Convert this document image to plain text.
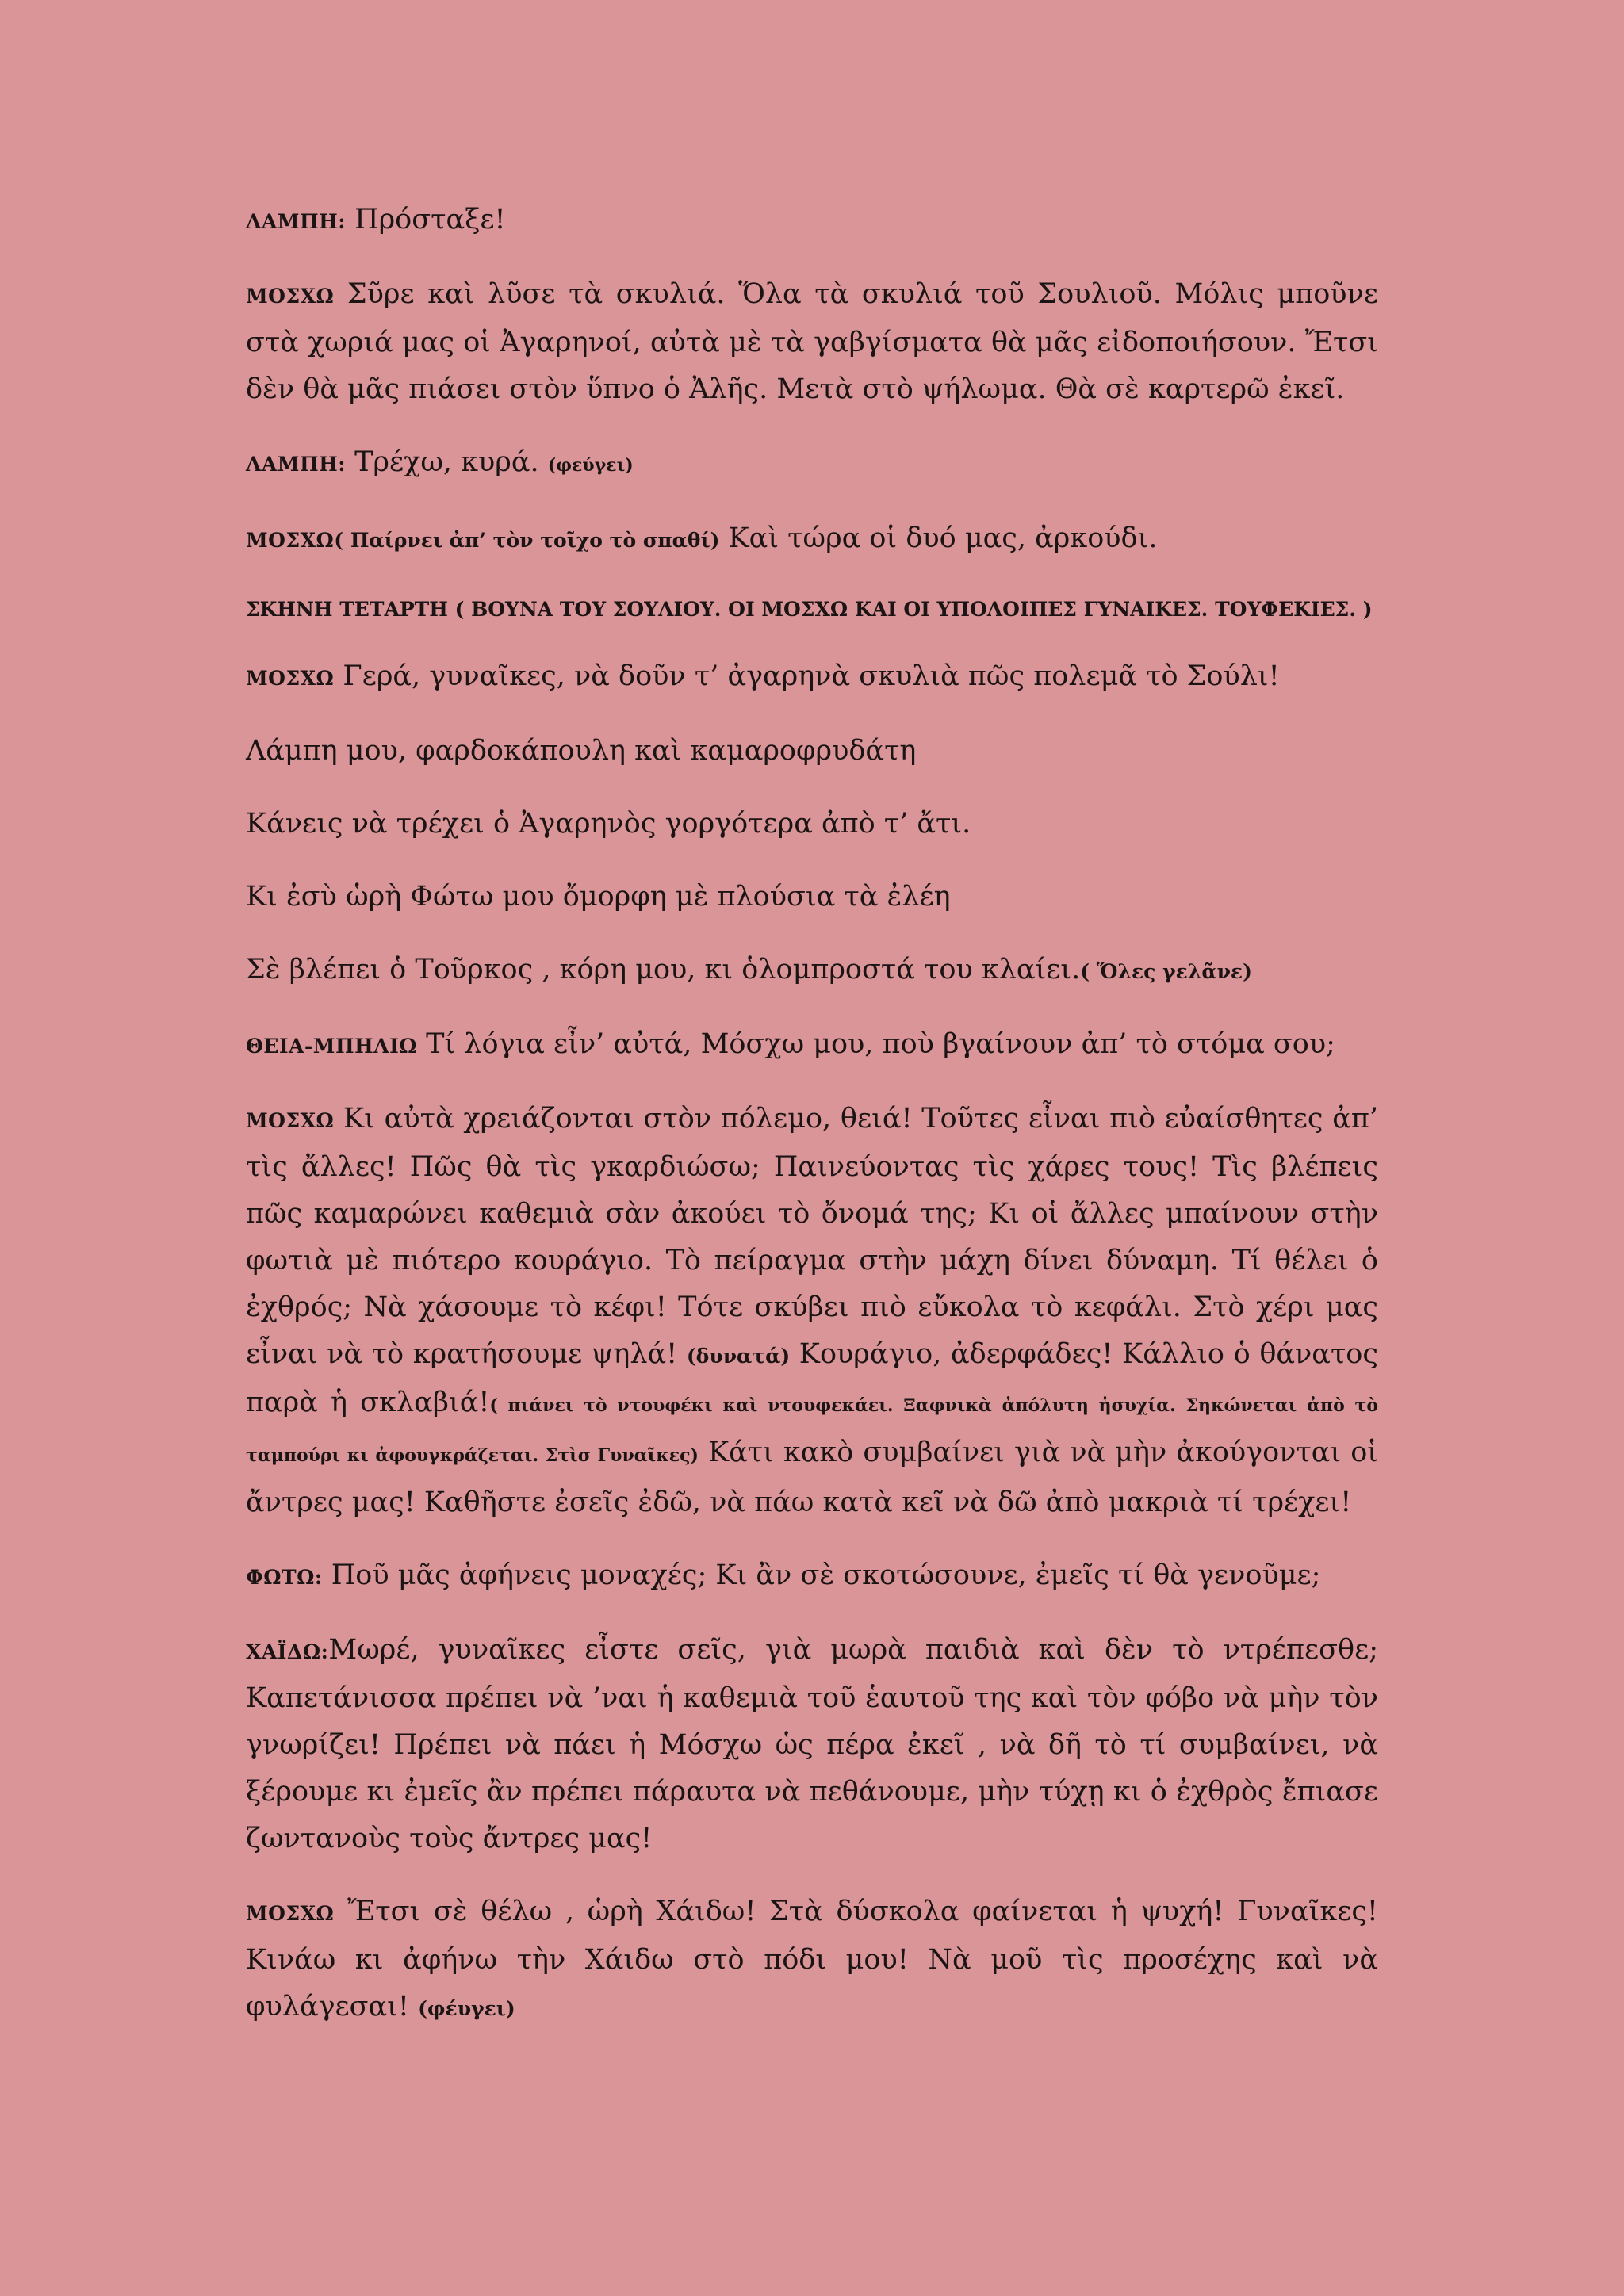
ΛΑΜΠΗ: Πρόσταξε!

ΜΟΣΧΩ Σῦρε καὶ λῦσε τὰ σκυλιά. Ὅλα τὰ σκυλιά τοῦ Σουλιοῦ. Μόλις μποῦνε στὰ χωριά μας οἱ Ἀγαρηνοί, αὐτὰ μὲ τὰ γαβγίσματα θὰ μᾶς εἰδοποιήσουν. Ἔτσι δὲν θὰ μᾶς πιάσει στὸν ὕπνο ὁ Ἀλῆς. Μετὰ στὸ ψήλωμα. Θὰ σὲ καρτερῶ ἐκεῖ.

ΛΑΜΠΗ: Τρέχω, κυρά. (φεύγει)

ΜΟΣΧΩ( Παίρνει ἀπ’ τὸν τοῖχο τὸ σπαθί) Καὶ τώρα οἱ δυό μας, ἀρκούδι.

ΣΚΗΝΗ ΤΕΤΑΡΤΗ ( ΒΟΥΝΑ ΤΟΥ ΣΟΥΛΙΟΥ. ΟΙ ΜΟΣΧΩ ΚΑΙ ΟΙ ΥΠΟΛΟΙΠΕΣ ΓΥΝΑΙΚΕΣ. ΤΟΥΦΕΚΙΕΣ. )

ΜΟΣΧΩ Γερά, γυναῖκες, νὰ δοῦν τ’ ἀγαρηνὰ σκυλιὰ πῶς πολεμᾶ τὸ Σούλι!

Λάμπη μου, φαρδοκάπουλη καὶ καμαροφρυδάτη

Κάνεις νὰ τρέχει ὁ Ἀγαρηνὸς γοργότερα ἀπὸ τ’ ἄτι.

Κι ἐσὺ ὡρὴ Φώτω μου ὄμορφη μὲ πλούσια τὰ ἐλέη

Σὲ βλέπει ὁ Τοῦρκος , κόρη μου, κι ὁλομπροστά του κλαίει.( Ὅλες γελᾶνε)

ΘΕΙΑ-ΜΠΗΛΙΩ Τί λόγια εἶν’ αὐτά, Μόσχω μου, ποὺ βγαίνουν ἀπ’ τὸ στόμα σου;

ΜΟΣΧΩ Κι αὐτὰ χρειάζονται στὸν πόλεμο, θειά! Τοῦτες εἶναι πιὸ εὐαίσθητες ἀπ’ τὶς ἄλλες! Πῶς θὰ τὶς γκαρδιώσω; Παινεύοντας τὶς χάρες τους! Τὶς βλέπεις πῶς καμαρώνει καθεμιὰ σὰν ἀκούει τὸ ὄνομά της; Κι οἱ ἄλλες μπαίνουν στὴν φωτιὰ μὲ πιότερο κουράγιο. Τὸ πείραγμα στὴν μάχη δίνει δύναμη. Τί θέλει ὁ ἐχθρός; Νὰ χάσουμε τὸ κέφι! Τότε σκύβει πιὸ εὔκολα τὸ κεφάλι. Στὸ χέρι μας εἶναι νὰ τὸ κρατήσουμε ψηλά! (δυνατά) Κουράγιο, ἀδερφάδες! Κάλλιο ὁ θάνατος παρὰ ἡ σκλαβιά!( πιάνει τὸ ντουφέκι καὶ ντουφεκάει. Ξαφνικὰ ἀπόλυτη ἡσυχία. Σηκώνεται ἀπὸ τὸ ταμπούρι κι ἀφουγκράζεται. Στὶσ Γυναῖκες) Κάτι κακὸ συμβαίνει γιὰ νὰ μὴν ἀκούγονται οἱ ἄντρες μας! Καθῆστε ἐσεῖς ἐδῶ, νὰ πάω κατὰ κεῖ νὰ δῶ ἀπὸ μακριὰ τί τρέχει!

ΦΩΤΩ: Ποῦ μᾶς ἀφήνεις μοναχές; Κι ἂν σὲ σκοτώσουνε, ἐμεῖς τί θὰ γενοῦμε;

ΧΑΪΔΩ:Μωρέ, γυναῖκες εἶστε σεῖς, γιὰ μωρὰ παιδιὰ καὶ δὲν τὸ ντρέπεσθε; Καπετάνισσα πρέπει νὰ ’ναι ἡ καθεμιὰ τοῦ ἑαυτοῦ της καὶ τὸν φόβο νὰ μὴν τὸν γνωρίζει! Πρέπει νὰ πάει ἡ Μόσχω ὡς πέρα ἐκεῖ , νὰ δῆ τὸ τί συμβαίνει, νὰ ξέρουμε κι ἐμεῖς ἂν πρέπει πάραυτα νὰ πεθάνουμε, μὴν τύχῃ κι ὁ ἐχθρὸς ἔπιασε ζωντανοὺς τοὺς ἄντρες μας!

ΜΟΣΧΩ Ἔτσι σὲ θέλω , ὡρὴ Χάιδω! Στὰ δύσκολα φαίνεται ἡ ψυχή! Γυναῖκες! Κινάω κι ἀφήνω τὴν Χάιδω στὸ πόδι μου! Νὰ μοῦ τὶς προσέχης καὶ νὰ φυλάγεσαι! (φέυγει)
